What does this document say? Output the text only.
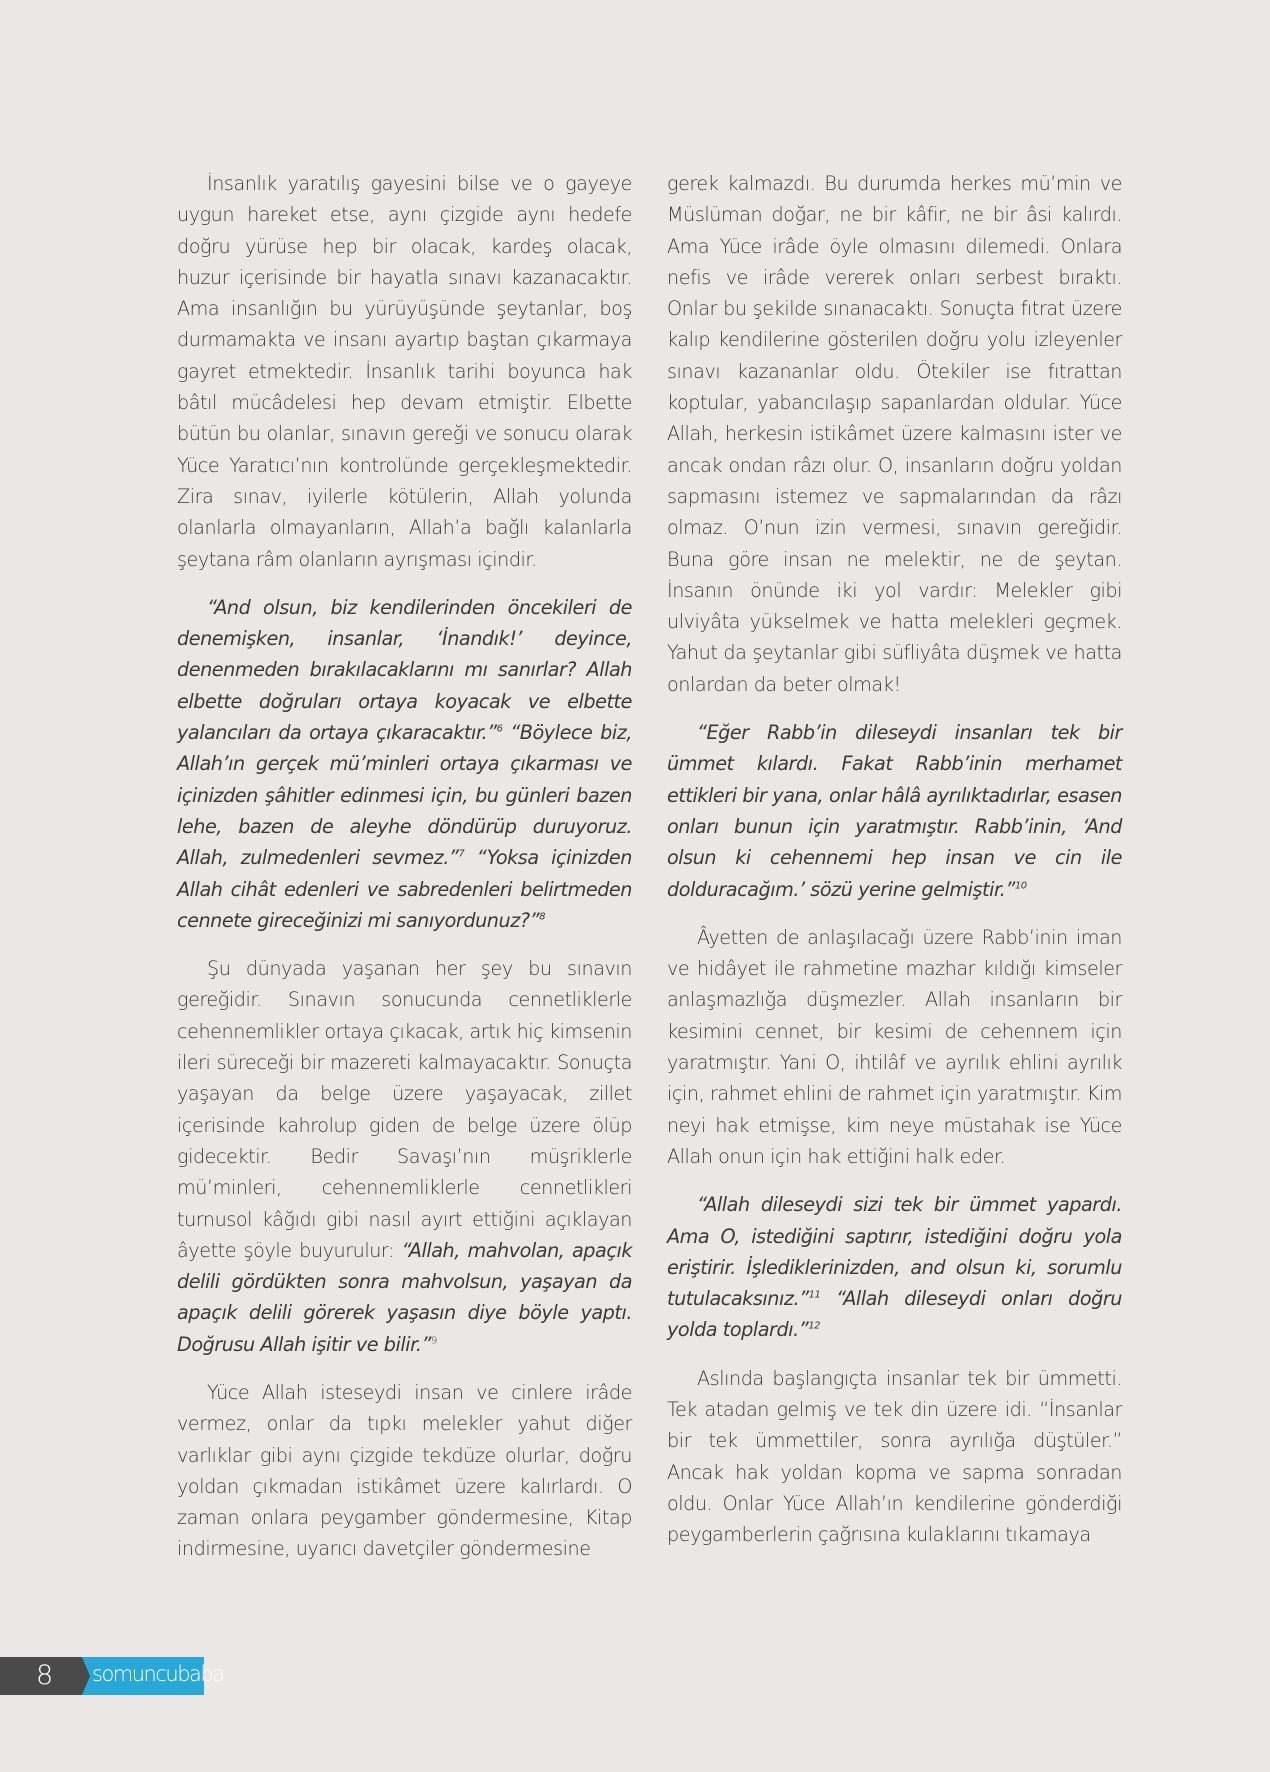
İnsanlık yaratılış gayesini bilse ve o gayeye uygun hareket etse, aynı çizgide aynı hedefe doğru yürüse hep bir olacak, kardeş olacak, huzur içerisinde bir hayatla sınavı kazanacaktır. Ama insanlığın bu yürüyüşünde şeytanlar, boş durmamakta ve insanı ayartıp baştan çıkarmaya gayret etmektedir. İnsanlık tarihi boyunca hak bâtıl mücâdelesi hep devam etmiştir. Elbette bütün bu olanlar, sınavın gereği ve sonucu olarak Yüce Yaratıcı’nın kontrolünde gerçekleşmektedir. Zira sınav, iyilerle kötülerin, Allah yolunda olanlarla olmayanların, Allah’a bağlı kalanlarla şeytana râm olanların ayrışması içindir.

“And olsun, biz kendilerinden öncekileri de denemişken, insanlar, ‘İnandık!’ deyince, denenmeden bırakılacaklarını mı sanırlar? Allah elbette doğruları ortaya koyacak ve elbette yalancıları da ortaya çıkaracaktır.”$^6$ “Böylece biz, Allah’ın gerçek mü’minleri ortaya çıkarması ve içinizden şâhitler edinmesi için, bu günleri bazen lehe, bazen de aleyhe döndürüp duruyoruz. Allah, zulmedenleri sevmez.”$^7$ “Yoksa içinizden Allah cihât edenleri ve sabredenleri belirtmeden cennete gireceğinizi mi sanıyordunuz?”$^8$

Şu dünyada yaşanan her şey bu sınavın gereğidir. Sınavın sonucunda cennetliklerle cehennemlikler ortaya çıkacak, artık hiç kimsenin ileri süreceği bir mazereti kalmayacaktır. Sonuçta yaşayan da belge üzere yaşayacak, zillet içerisinde kahrolup giden de belge üzere ölüp gidecektir. Bedir Savaşı’nın müşriklerle mü’minleri, cehennemliklerle cennetlikleri turnusol kâğıdı gibi nasıl ayırt ettiğini açıklayan âyette şöyle buyurulur: “Allah, mahvolan, apaçık delili gördükten sonra mahvolsun, yaşayan da apaçık delili görerek yaşasın diye böyle yaptı. Doğrusu Allah işitir ve bilir.”$^9$

Yüce Allah isteseydi insan ve cinlere irâde vermez, onlar da tıpkı melekler yahut diğer varlıklar gibi aynı çizgide tekdüze olurlar, doğru yoldan çıkmadan istikâmet üzere kalırlardı. O zaman onlara peygamber göndermesine, Kitap indirmesine, uyarıcı davetçiler göndermesine

gerek kalmazdı. Bu durumda herkes mü’min ve Müslüman doğar, ne bir kâfir, ne bir âsi kalırdı. Ama Yüce irâde öyle olmasını dilemedi. Onlara nefis ve irâde vererek onları serbest bıraktı. Onlar bu şekilde sınanacaktı. Sonuçta fıtrat üzere kalıp kendilerine gösterilen doğru yolu izleyenler sınavı kazananlar oldu. Ötekiler ise fıtrattan koptular, yabancılaşıp sapanlardan oldular. Yüce Allah, herkesin istikâmet üzere kalmasını ister ve ancak ondan râzı olur. O, insanların doğru yoldan sapmasını istemez ve sapmalarından da râzı olmaz. O’nun izin vermesi, sınavın gereğidir. Buna göre insan ne melektir, ne de şeytan. İnsanın önünde iki yol vardır: Melekler gibi ulviyâta yükselmek ve hatta melekleri geçmek. Yahut da şeytanlar gibi süfliyâta düşmek ve hatta onlardan da beter olmak!

“Eğer Rabb’in dileseydi insanları tek bir ümmet kılardı. Fakat Rabb’inin merhamet ettikleri bir yana, onlar hâlâ ayrılıktadırlar, esasen onları bunun için yaratmıştır. Rabb’inin, ‘And olsun ki cehennemi hep insan ve cin ile dolduracağım.’ sözü yerine gelmiştir.”$^{10}$

Âyetten de anlaşılacağı üzere Rabb’inin iman ve hidâyet ile rahmetine mazhar kıldığı kimseler anlaşmazlığa düşmezler. Allah insanların bir kesimini cennet, bir kesimi de cehennem için yaratmıştır. Yani O, ihtilâf ve ayrılık ehlini ayrılık için, rahmet ehlini de rahmet için yaratmıştır. Kim neyi hak etmişse, kim neye müstahak ise Yüce Allah onun için hak ettiğini halk eder.

“Allah dileseydi sizi tek bir ümmet yapardı. Ama O, istediğini saptırır, istediğini doğru yola eriştirir. İşlediklerinizden, and olsun ki, sorumlu tutulacaksınız.”$^{11}$ “Allah dileseydi onları doğru yolda toplardı.”$^{12}$

Aslında başlangıçta insanlar tek bir ümmetti. Tek atadan gelmiş ve tek din üzere idi. “İnsanlar bir tek ümmettiler, sonra ayrılığa düştüler.” Ancak hak yoldan kopma ve sapma sonradan oldu. Onlar Yüce Allah’ın kendilerine gönderdiği peygamberlerin çağrısına kulaklarını tıkamaya

8 somuncubaba
